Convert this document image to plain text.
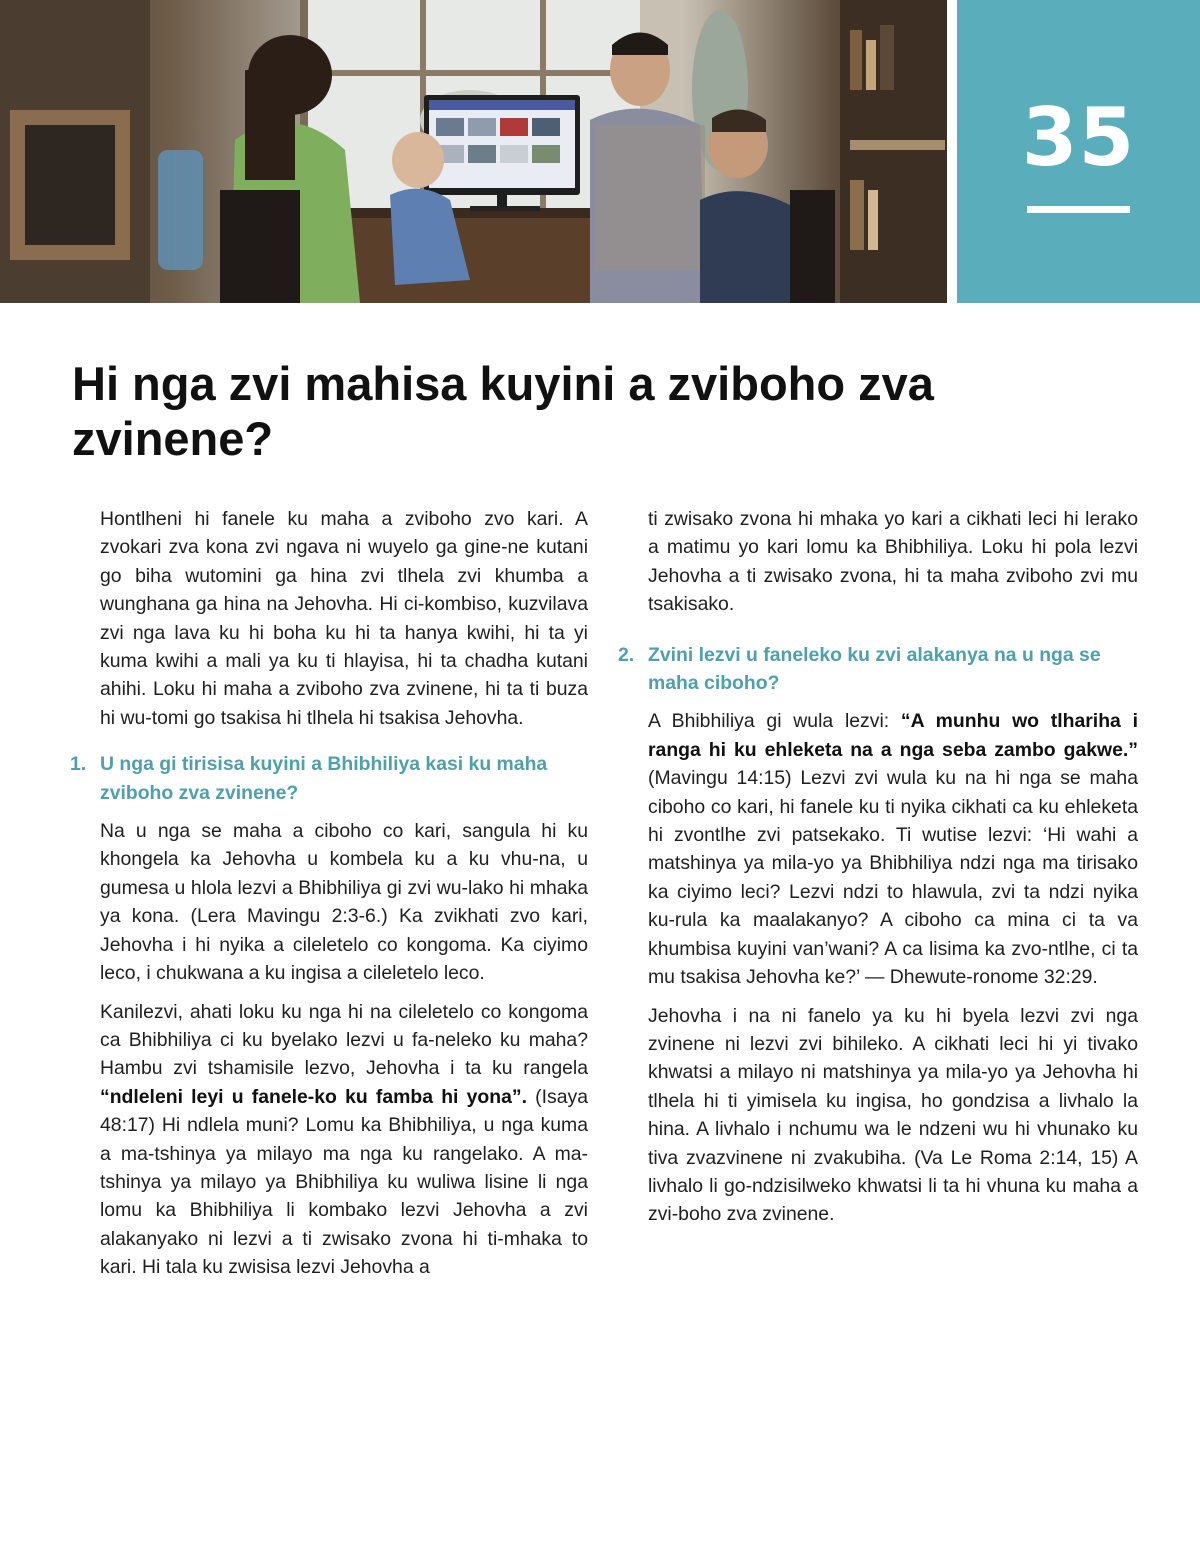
35
Hi nga zvi mahisa kuyini a zviboho zva zvinene?

Hontlheni hi fanele ku maha a zviboho zvo kari. A zvokari zva kona zvi ngava ni wuyelo ga gine-ne kutani go biha wutomini ga hina zvi tlhela zvi khumba a wunghana ga hina na Jehovha. Hi ci-kombiso, kuzvilava zvi nga lava ku hi boha ku hi ta hanya kwihi, hi ta yi kuma kwihi a mali ya ku ti hlayisa, hi ta chadha kutani ahihi. Loku hi maha a zviboho zva zvinene, hi ta ti buza hi wu-tomi go tsakisa hi tlhela hi tsakisa Jehovha.

1. U nga gi tirisisa kuyini a Bhibhiliya kasi ku maha zviboho zva zvinene?

Na u nga se maha a ciboho co kari, sangula hi ku khongela ka Jehovha u kombela ku a ku vhu-na, u gumesa u hlola lezvi a Bhibhiliya gi zvi wu-lako hi mhaka ya kona. (Lera Mavingu 2:3-6.) Ka zvikhati zvo kari, Jehovha i hi nyika a cileletelo co kongoma. Ka ciyimo leco, i chukwana a ku ingisa a cileletelo leco.

Kanilezvi, ahati loku ku nga hi na cileletelo co kongoma ca Bhibhiliya ci ku byelako lezvi u fa-neleko ku maha? Hambu zvi tshamisile lezvo, Jehovha i ta ku rangela “ndleleni leyi u fanele-ko ku famba hi yona”. (Isaya 48:17) Hi ndlela muni? Lomu ka Bhibhiliya, u nga kuma a ma-tshinya ya milayo ma nga ku rangelako. A ma-tshinya ya milayo ya Bhibhiliya ku wuliwa lisine li nga lomu ka Bhibhiliya li kombako lezvi Jehovha a zvi alakanyako ni lezvi a ti zwisako zvona hi ti-mhaka to kari. Hi tala ku zwisisa lezvi Jehovha a

ti zwisako zvona hi mhaka yo kari a cikhati leci hi lerako a matimu yo kari lomu ka Bhibhiliya. Loku hi pola lezvi Jehovha a ti zwisako zvona, hi ta maha zviboho zvi mu tsakisako.

2. Zvini lezvi u faneleko ku zvi alakanya na u nga se maha ciboho?

A Bhibhiliya gi wula lezvi: “A munhu wo tlhariha i ranga hi ku ehleketa na a nga seba zambo gakwe.” (Mavingu 14:15) Lezvi zvi wula ku na hi nga se maha ciboho co kari, hi fanele ku ti nyika cikhati ca ku ehleketa hi zvontlhe zvi patsekako. Ti wutise lezvi: ‘Hi wahi a matshinya ya mila-yo ya Bhibhiliya ndzi nga ma tirisako ka ciyimo leci? Lezvi ndzi to hlawula, zvi ta ndzi nyika ku-rula ka maalakanyo? A ciboho ca mina ci ta va khumbisa kuyini van’wani? A ca lisima ka zvo-ntlhe, ci ta mu tsakisa Jehovha ke?’ — Dhewute-ronome 32:29.

Jehovha i na ni fanelo ya ku hi byela lezvi zvi nga zvinene ni lezvi zvi bihileko. A cikhati leci hi yi tivako khwatsi a milayo ni matshinya ya mila-yo ya Jehovha hi tlhela hi ti yimisela ku ingisa, ho gondzisa a livhalo la hina. A livhalo i nchumu wa le ndzeni wu hi vhunako ku tiva zvazvinene ni zvakubiha. (Va Le Roma 2:14, 15) A livhalo li go-ndzisilweko khwatsi li ta hi vhuna ku maha a zvi-boho zva zvinene.
